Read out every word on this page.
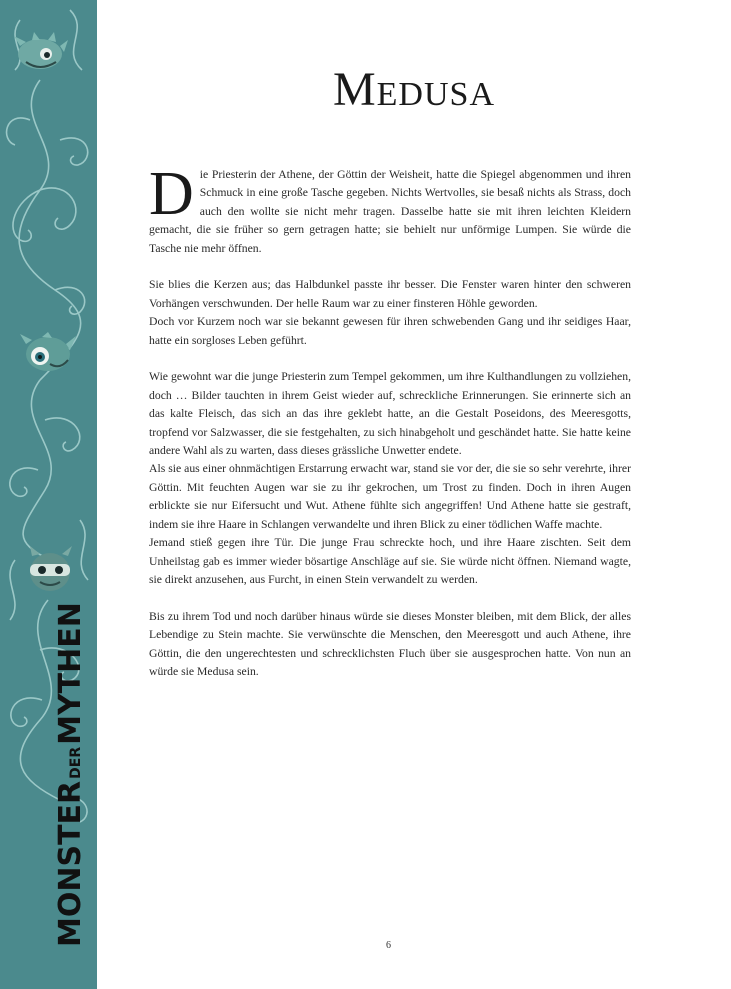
MONSTERDERMYTHEN
Medusa

Die Priesterin der Athene, der Göttin der Weisheit, hatte die Spiegel abgenommen und ihren Schmuck in eine große Tasche gegeben. Nichts Wertvolles, sie besaß nichts als Strass, doch auch den wollte sie nicht mehr tragen. Dasselbe hatte sie mit ihren leichten Kleidern gemacht, die sie früher so gern getragen hatte; sie behielt nur unförmige Lumpen. Sie würde die Tasche nie mehr öffnen.

Sie blies die Kerzen aus; das Halbdunkel passte ihr besser. Die Fenster waren hinter den schweren Vorhängen verschwunden. Der helle Raum war zu einer finsteren Höhle geworden.

Doch vor Kurzem noch war sie bekannt gewesen für ihren schwebenden Gang und ihr seidiges Haar, hatte ein sorgloses Leben geführt.

Wie gewohnt war die junge Priesterin zum Tempel gekommen, um ihre Kulthandlungen zu vollziehen, doch … Bilder tauchten in ihrem Geist wieder auf, schreckliche Erinnerungen. Sie erinnerte sich an das kalte Fleisch, das sich an das ihre geklebt hatte, an die Gestalt Poseidons, des Meeresgotts, tropfend vor Salzwasser, die sie festgehalten, zu sich hinabgeholt und geschändet hatte. Sie hatte keine andere Wahl als zu warten, dass dieses grässliche Unwetter endete.

Als sie aus einer ohnmächtigen Erstarrung erwacht war, stand sie vor der, die sie so sehr verehrte, ihrer Göttin. Mit feuchten Augen war sie zu ihr gekrochen, um Trost zu finden. Doch in ihren Augen erblickte sie nur Eifersucht und Wut. Athene fühlte sich angegriffen! Und Athene hatte sie gestraft, indem sie ihre Haare in Schlangen verwandelte und ihren Blick zu einer tödlichen Waffe machte.

Jemand stieß gegen ihre Tür. Die junge Frau schreckte hoch, und ihre Haare zischten. Seit dem Unheilstag gab es immer wieder bösartige Anschläge auf sie. Sie würde nicht öffnen. Niemand wagte, sie direkt anzusehen, aus Furcht, in einen Stein verwandelt zu werden.

Bis zu ihrem Tod und noch darüber hinaus würde sie dieses Monster bleiben, mit dem Blick, der alles Lebendige zu Stein machte. Sie verwünschte die Menschen, den Meeresgott und auch Athene, ihre Göttin, die den ungerechtesten und schrecklichsten Fluch über sie ausgesprochen hatte. Von nun an würde sie Medusa sein.

6
